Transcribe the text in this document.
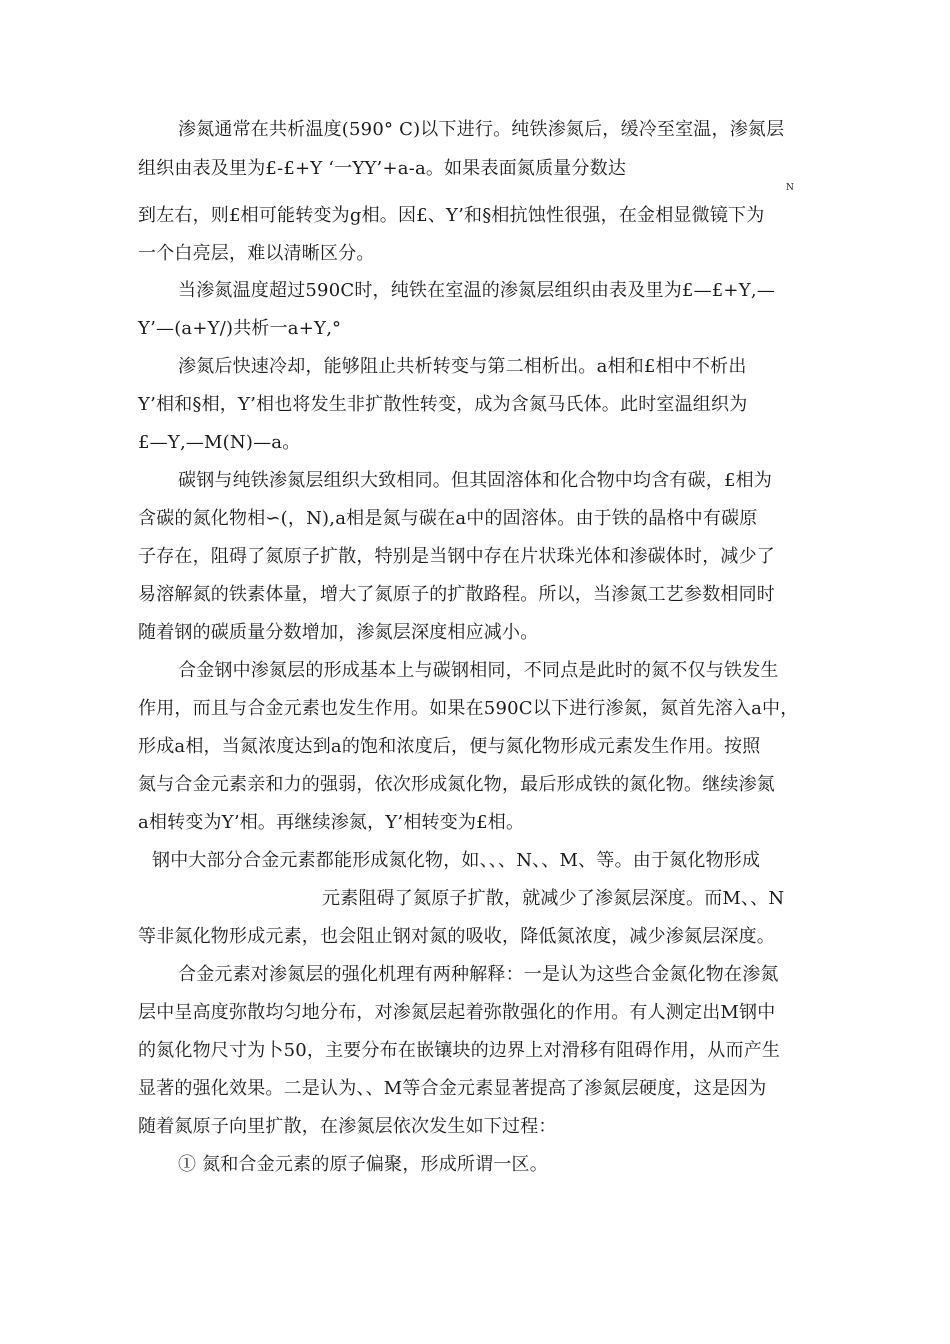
渗氮通常在共析温度(590° C)以下进行。纯铁渗氮后，缓冷至室温，渗氮层
组织由表及里为£-£+Y ‘一YY’+a-a。如果表面氮质量分数达
N
到左右，则£相可能转变为g相。因£、Y’和§相抗蚀性很强，在金相显微镜下为
一个白亮层，难以清晰区分。
当渗氮温度超过590C时，纯铁在室温的渗氮层组织由表及里为£—£+Y‚—
Y’—(a+Y/)共析一a+Y‚°
渗氮后快速冷却，能够阻止共析转变与第二相析出。a相和£相中不析出
Y’相和§相，Y’相也将发生非扩散性转变，成为含氮马氏体。此时室温组织为
£—Y‚—M(N)—a。
碳钢与纯铁渗氮层组织大致相同。但其固溶体和化合物中均含有碳，£相为
含碳的氮化物相∽(，N),a相是氮与碳在a中的固溶体。由于铁的晶格中有碳原
子存在，阻碍了氮原子扩散，特别是当钢中存在片状珠光体和渗碳体时，减少了
易溶解氮的铁素体量，增大了氮原子的扩散路程。所以，当渗氮工艺参数相同时
随着钢的碳质量分数增加，渗氮层深度相应减小。
合金钢中渗氮层的形成基本上与碳钢相同，不同点是此时的氮不仅与铁发生
作用，而且与合金元素也发生作用。如果在590C以下进行渗氮，氮首先溶入a中，
形成a相，当氮浓度达到a的饱和浓度后，便与氮化物形成元素发生作用。按照
氮与合金元素亲和力的强弱，依次形成氮化物，最后形成铁的氮化物。继续渗氮
a相转变为Y’相。再继续渗氮，Y’相转变为£相。
钢中大部分合金元素都能形成氮化物，如、、、N、、M、等。由于氮化物形成
元素阻碍了氮原子扩散，就减少了渗氮层深度。而M、、N
等非氮化物形成元素，也会阻止钢对氮的吸收，降低氮浓度，减少渗氮层深度。
合金元素对渗氮层的强化机理有两种解释：一是认为这些合金氮化物在渗氮
层中呈高度弥散均匀地分布，对渗氮层起着弥散强化的作用。有人测定出M钢中
的氮化物尺寸为卜50，主要分布在嵌镶块的边界上对滑移有阻碍作用，从而产生
显著的强化效果。二是认为、、M等合金元素显著提高了渗氮层硬度，这是因为
随着氮原子向里扩散，在渗氮层依次发生如下过程：
① 氮和合金元素的原子偏聚，形成所谓一区。
